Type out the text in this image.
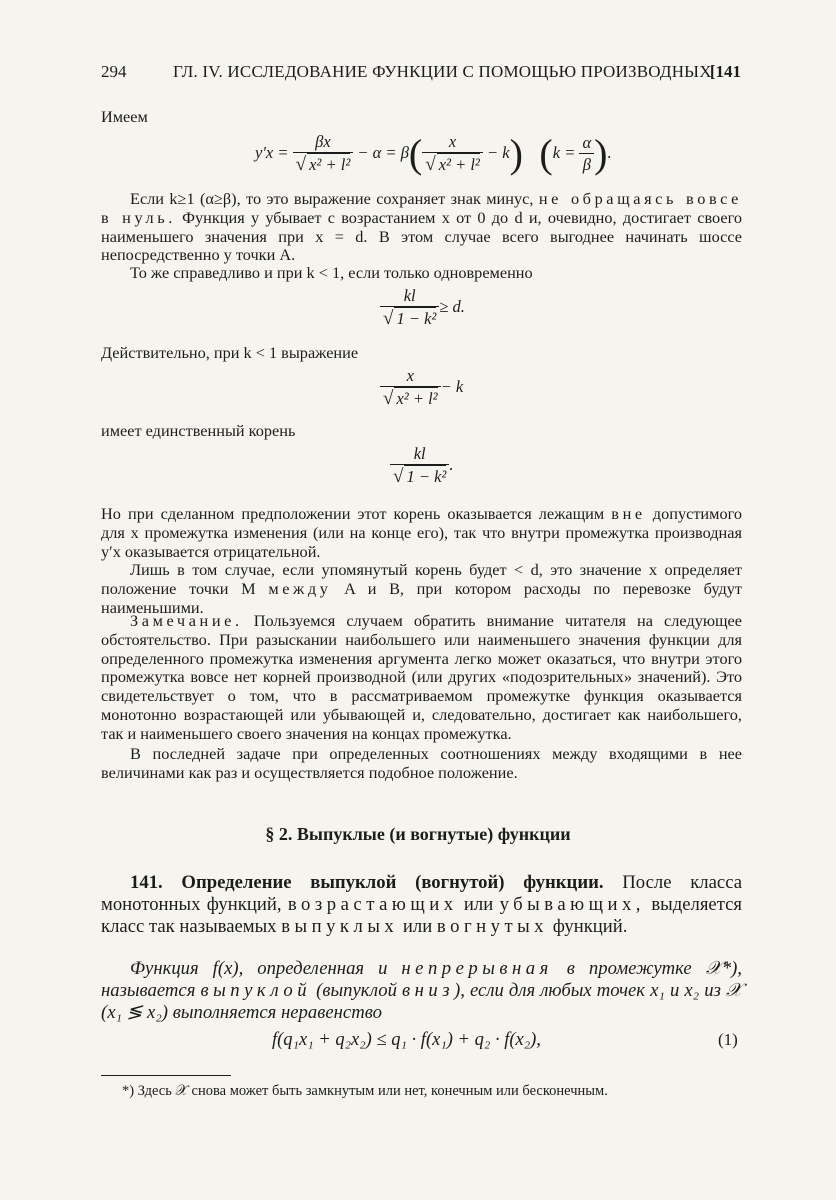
294	ГЛ. IV. ИССЛЕДОВАНИЕ ФУНКЦИИ С ПОМОЩЬЮ ПРОИЗВОДНЫХ
[141
Имеем
$y'x = \frac{\beta x}{\text{√ x² + l²}} - \alpha = \beta( \frac{x}{\text{√ x² + l²}} - k) (k = \frac{\alpha}{\beta}$ ).
Если k≥1 (α≥β), то это выражение сохраняет знак минус, не обращаясь вовсе в нуль. Функция y убывает с возрастанием x от 0 до d и, очевидно, достигает своего наименьшего значения при x = d. В этом случае всего выгоднее начинать шоссе непосредственно у точки A.
То же справедливо и при k < 1, если только одновременно
$\frac{kl}{\text{√ 1 − k²}} \ge d$.
Действительно, при k < 1 выражение
$\frac{x}{\text{√ x² + l²}} - k$
имеет единственный корень
$\frac{kl}{\text{√ 1 − k²}}$ .
Но при сделанном предположении этот корень оказывается лежащим вне допустимого для x промежутка изменения (или на конце его), так что внутри промежутка производная y′x оказывается отрицательной.
Лишь в том случае, если упомянутый корень будет < d, это значение x определяет положение точки M между A и B, при котором расходы по перевозке будут наименьшими.
Замечание. Пользуемся случаем обратить внимание читателя на следующее обстоятельство. При разыскании наибольшего или наименьшего значения функции для определенного промежутка изменения аргумента легко может оказаться, что внутри этого промежутка вовсе нет корней производной (или других «подозрительных» значений). Это свидетельствует о том, что в рассматриваемом промежутке функция оказывается монотонно возрастающей или убывающей и, следовательно, достигает как наибольшего, так и наименьшего своего значения на концах промежутка.
В последней задаче при определенных соотношениях между входящими в нее величинами как раз и осуществляется подобное положение.
§ 2. Выпуклые (и вогнутые) функции
141. Определение выпуклой (вогнутой) функции. После класса монотонных функций, возрастающих или убывающих, выделяется класс так называемых выпуклых или вогнутых функций.
Функция f(x), определенная и непрерывная в промежутке 𝒳*), называется выпуклой (выпуклой вниз), если для любых точек x₁ и x₂ из 𝒳 (x₁ ≶ x₂) выполняется неравенство
f(q₁x₁ + q₂x₂) ≤ q₁ · f(x₁) + q₂ · f(x₂),	(1)
*) Здесь 𝒳 снова может быть замкнутым или нет, конечным или бесконечным.
